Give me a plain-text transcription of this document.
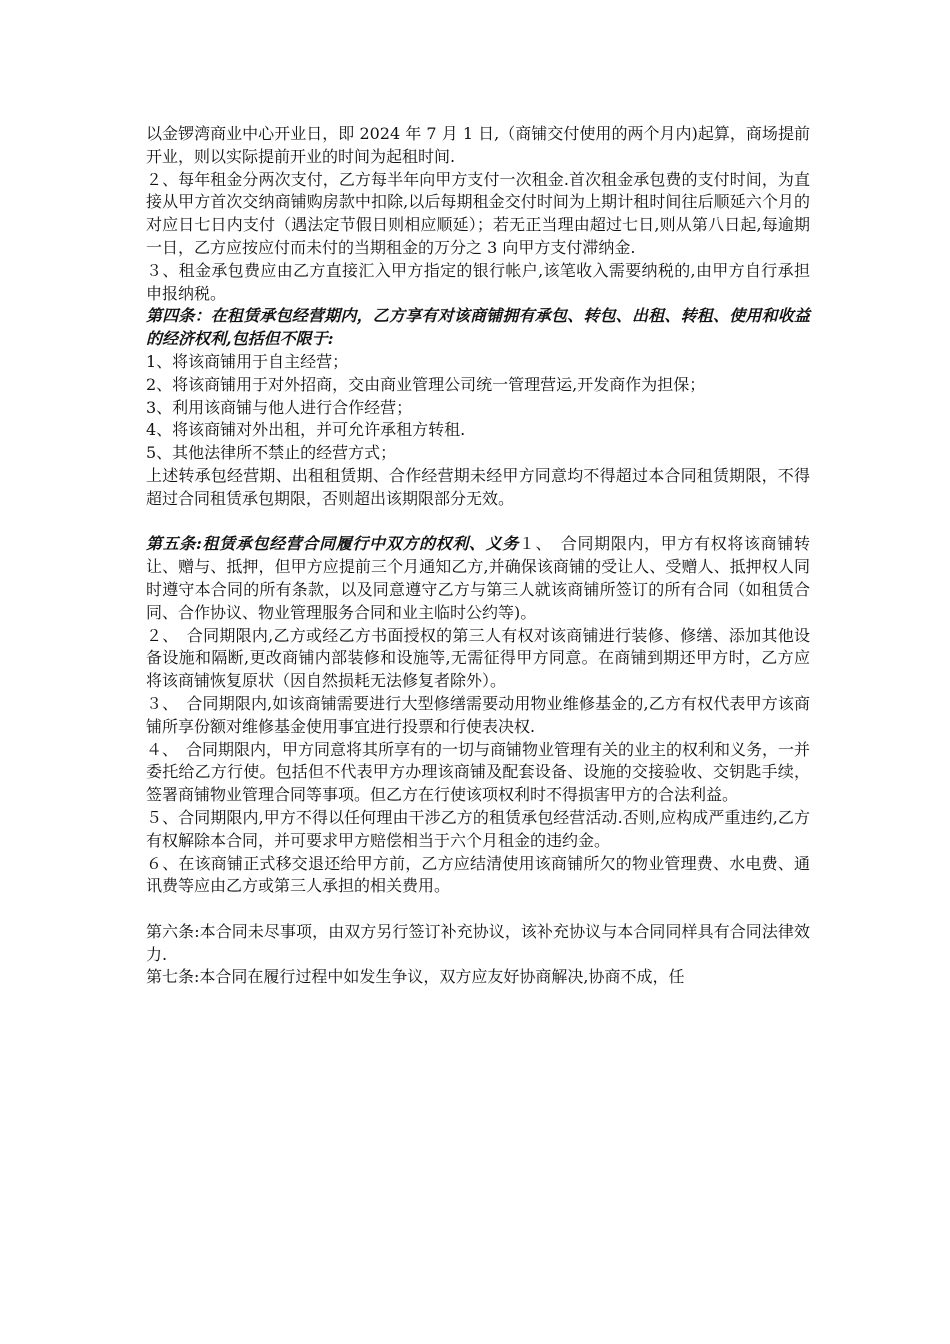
以金锣湾商业中心开业日，即 2024 年 7 月 1 日,（商铺交付使用的两个月内)起算，商场提前开业，则以实际提前开业的时间为起租时间.

２、每年租金分两次支付，乙方每半年向甲方支付一次租金.首次租金承包费的支付时间，为直接从甲方首次交纳商铺购房款中扣除,以后每期租金交付时间为上期计租时间往后顺延六个月的对应日七日内支付（遇法定节假日则相应顺延）；若无正当理由超过七日,则从第八日起,每逾期一日，乙方应按应付而未付的当期租金的万分之 3 向甲方支付滞纳金.

３、租金承包费应由乙方直接汇入甲方指定的银行帐户,该笔收入需要纳税的,由甲方自行承担申报纳税。

第四条：在租赁承包经营期内，乙方享有对该商铺拥有承包、转包、出租、转租、使用和收益的经济权利,包括但不限于:

1、将该商铺用于自主经营；

2、将该商铺用于对外招商，交由商业管理公司统一管理营运,开发商作为担保；

3、利用该商铺与他人进行合作经营；

4、将该商铺对外出租，并可允许承租方转租.

5、其他法律所不禁止的经营方式；

上述转承包经营期、出租租赁期、合作经营期未经甲方同意均不得超过本合同租赁期限，不得超过合同租赁承包期限，否则超出该期限部分无效。

第五条:租赁承包经营合同履行中双方的权利、义务１、　合同期限内，甲方有权将该商铺转让、赠与、抵押，但甲方应提前三个月通知乙方,并确保该商铺的受让人、受赠人、抵押权人同时遵守本合同的所有条款，以及同意遵守乙方与第三人就该商铺所签订的所有合同（如租赁合同、合作协议、物业管理服务合同和业主临时公约等)。

２、　合同期限内,乙方或经乙方书面授权的第三人有权对该商铺进行装修、修缮、添加其他设备设施和隔断,更改商铺内部装修和设施等,无需征得甲方同意。在商铺到期还甲方时，乙方应将该商铺恢复原状（因自然损耗无法修复者除外）。

３、　合同期限内,如该商铺需要进行大型修缮需要动用物业维修基金的,乙方有权代表甲方该商铺所享份额对维修基金使用事宜进行投票和行使表决权.

４、　合同期限内，甲方同意将其所享有的一切与商铺物业管理有关的业主的权利和义务，一并委托给乙方行使。包括但不代表甲方办理该商铺及配套设备、设施的交接验收、交钥匙手续，签署商铺物业管理合同等事项。但乙方在行使该项权利时不得损害甲方的合法利益。

５、合同期限内,甲方不得以任何理由干涉乙方的租赁承包经营活动.否则,应构成严重违约,乙方有权解除本合同，并可要求甲方赔偿相当于六个月租金的违约金。

６、在该商铺正式移交退还给甲方前，乙方应结清使用该商铺所欠的物业管理费、水电费、通讯费等应由乙方或第三人承担的相关费用。

第六条:本合同未尽事项，由双方另行签订补充协议，该补充协议与本合同同样具有合同法律效力.

第七条:本合同在履行过程中如发生争议，双方应友好协商解决,协商不成，任
